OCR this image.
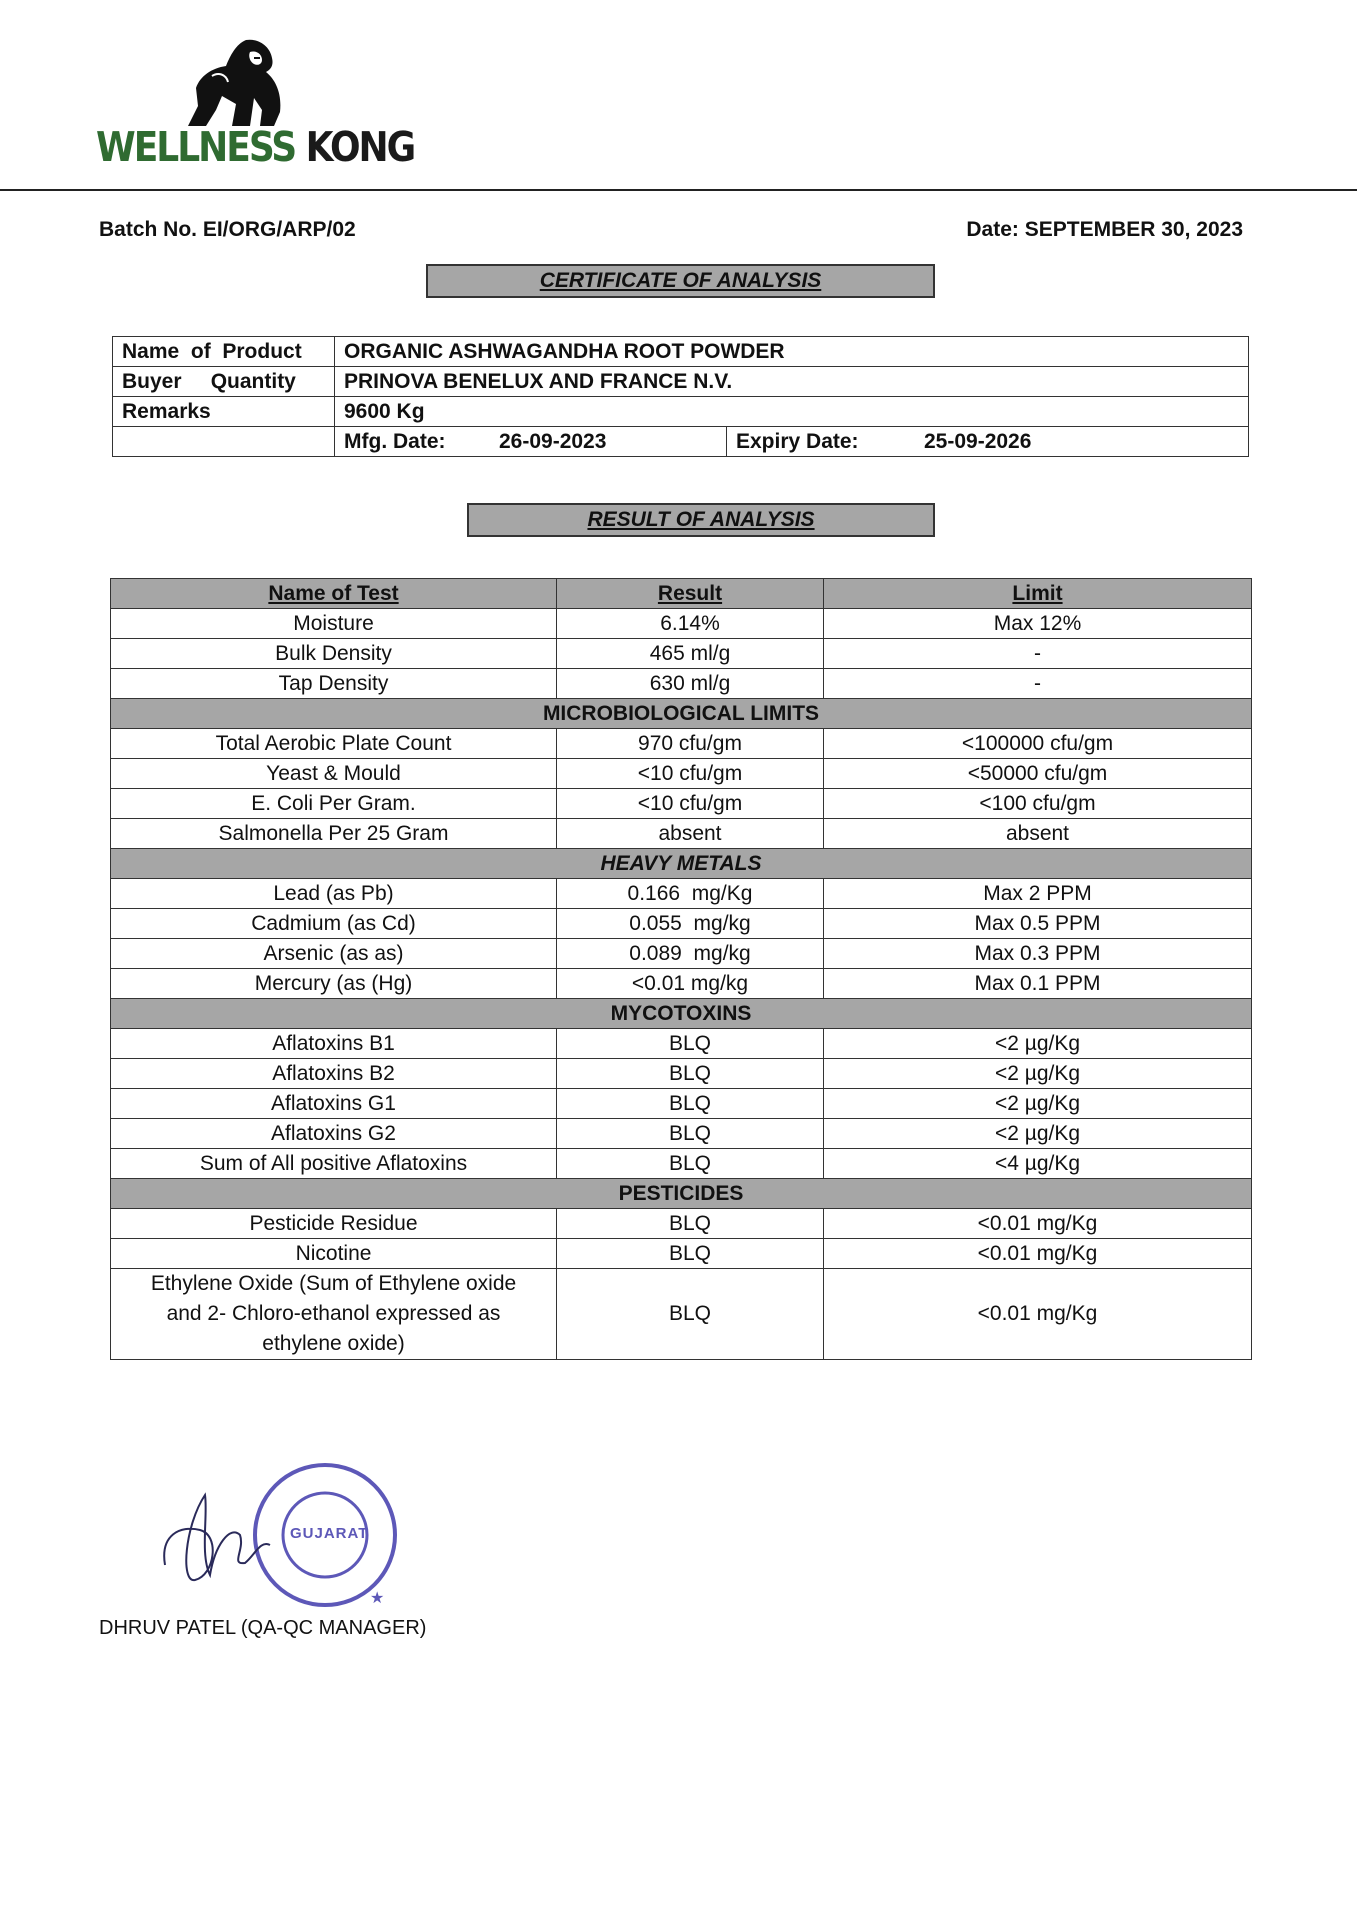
WELLNESS KONG
Batch No. EI/ORG/ARP/02	Date: SEPTEMBER 30, 2023
CERTIFICATE OF ANALYSIS
Name  of  Product	ORGANIC ASHWAGANDHA ROOT POWDER	
Buyer     Quantity	PRINOVA BENELUX AND FRANCE N.V.	
Remarks	9600 Kg	
	Mfg. Date: 26-09-2023	Expiry Date: 25-09-2026
RESULT OF ANALYSIS
Name of Test	Result	Limit
Moisture	6.14%	Max 12%
Bulk Density	465 ml/g	-
Tap Density	630 ml/g	-
MICROBIOLOGICAL LIMITS		
Total Aerobic Plate Count	970 cfu/gm	<100000 cfu/gm
Yeast & Mould	<10 cfu/gm	<50000 cfu/gm
E. Coli Per Gram.	<10 cfu/gm	<100 cfu/gm
Salmonella Per 25 Gram	absent	absent
HEAVY METALS		
Lead (as Pb)	0.166  mg/Kg	Max 2 PPM
Cadmium (as Cd)	0.055  mg/kg	Max 0.5 PPM
Arsenic (as as)	0.089  mg/kg	Max 0.3 PPM
Mercury (as (Hg)	<0.01 mg/kg	Max 0.1 PPM
MYCOTOXINS		
Aflatoxins B1	BLQ	<2 µg/Kg
Aflatoxins B2	BLQ	<2 µg/Kg
Aflatoxins G1	BLQ	<2 µg/Kg
Aflatoxins G2	BLQ	<2 µg/Kg
Sum of All positive Aflatoxins	BLQ	<4 µg/Kg
PESTICIDES		
Pesticide Residue	BLQ	<0.01 mg/Kg
Nicotine	BLQ	<0.01 mg/Kg

Ethylene Oxide (Sum of Ethylene oxide
and 2- Chloro-ethanol expressed as
ethylene oxide)	BLQ	<0.01 mg/Kg
★
GUJARAT
DHRUV PATEL (QA-QC MANAGER)
